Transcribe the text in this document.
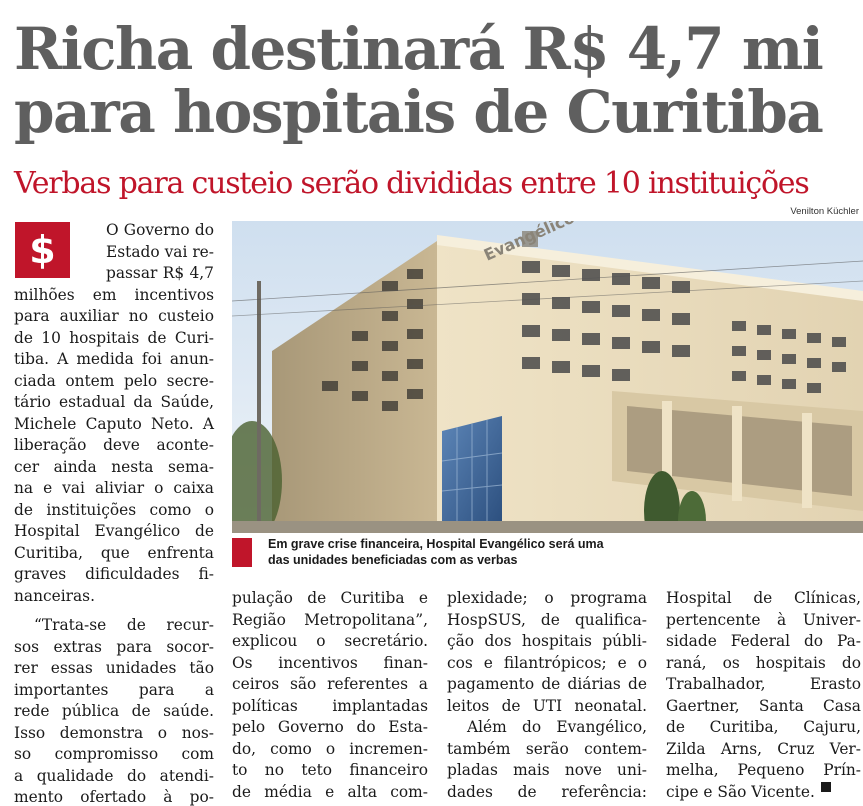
Richa destinará R$ 4,7 mi
para hospitais de Curitiba
Verbas para custeio serão divididas entre 10 instituições
Venilton Küchler
Em grave crise financeira, Hospital Evangélico será uma das unidades beneficiadas com as verbas
$	O Governo do
Estado vai re-
passar R$ 4,7
milhões em incentivos
para auxiliar no custeio
de 10 hospitais de Curi-
tiba. A medida foi anun-
ciada ontem pelo secre-
tário estadual da Saúde,
Michele Caputo Neto. A
liberação deve aconte-
cer ainda nesta sema-
na e vai aliviar o caixa
de instituições como o
Hospital Evangélico de
Curitiba, que enfrenta
graves dificuldades fi-
nanceiras.
“Trata-se de recur-
sos extras para socor-
rer essas unidades tão
importantes para a
rede pública de saúde.
Isso demonstra o nos-
so compromisso com
a qualidade do atendi-
mento ofertado à po-
pulação de Curitiba e
Região Metropolitana”,
explicou o secretário.
Os incentivos finan-
ceiros são referentes a
políticas implantadas
pelo Governo do Esta-
do, como o incremen-
to no teto financeiro
de média e alta com-
plexidade; o programa
HospSUS, de qualifica-
ção dos hospitais públi-
cos e filantrópicos; e o
pagamento de diárias de
leitos de UTI neonatal.
Além do Evangélico,
também serão contem-
pladas mais nove uni-
dades de referência:
Hospital de Clínicas,
pertencente à Univer-
sidade Federal do Pa-
raná, os hospitais do
Trabalhador,	Erasto
Gaertner, Santa Casa
de Curitiba, Cajuru,
Zilda Arns, Cruz Ver-
melha, Pequeno Prín-
cipe e São Vicente.
